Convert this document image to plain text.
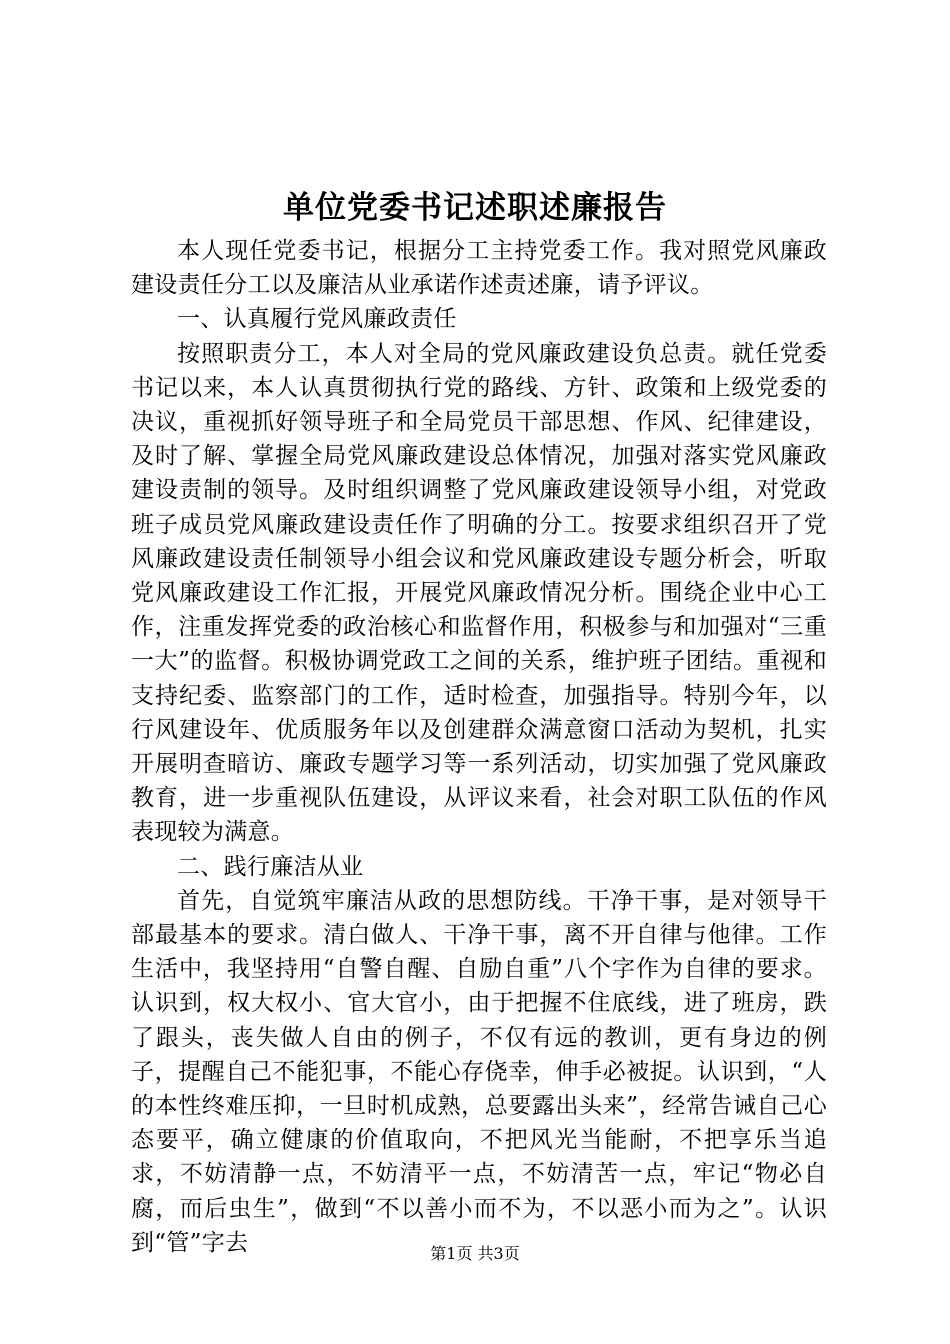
单位党委书记述职述廉报告

本人现任党委书记，根据分工主持党委工作。我对照党风廉政建设责任分工以及廉洁从业承诺作述责述廉，请予评议。

一、认真履行党风廉政责任

按照职责分工，本人对全局的党风廉政建设负总责。就任党委书记以来，本人认真贯彻执行党的路线、方针、政策和上级党委的决议，重视抓好领导班子和全局党员干部思想、作风、纪律建设，及时了解、掌握全局党风廉政建设总体情况，加强对落实党风廉政建设责制的领导。及时组织调整了党风廉政建设领导小组，对党政班子成员党风廉政建设责任作了明确的分工。按要求组织召开了党风廉政建设责任制领导小组会议和党风廉政建设专题分析会，听取党风廉政建设工作汇报，开展党风廉政情况分析。围绕企业中心工作，注重发挥党委的政治核心和监督作用，积极参与和加强对“三重一大”的监督。积极协调党政工之间的关系，维护班子团结。重视和支持纪委、监察部门的工作，适时检查，加强指导。特别今年，以行风建设年、优质服务年以及创建群众满意窗口活动为契机，扎实开展明查暗访、廉政专题学习等一系列活动，切实加强了党风廉政教育，进一步重视队伍建设，从评议来看，社会对职工队伍的作风表现较为满意。

二、践行廉洁从业

首先，自觉筑牢廉洁从政的思想防线。干净干事，是对领导干部最基本的要求。清白做人、干净干事，离不开自律与他律。工作生活中，我坚持用“自警自醒、自励自重”八个字作为自律的要求。认识到，权大权小、官大官小，由于把握不住底线，进了班房，跌了跟头，丧失做人自由的例子，不仅有远的教训，更有身边的例子，提醒自己不能犯事，不能心存侥幸，伸手必被捉。认识到，“人的本性终难压抑，一旦时机成熟，总要露出头来”，经常告诫自己心态要平，确立健康的价值取向，不把风光当能耐，不把享乐当追求，不妨清静一点，不妨清平一点，不妨清苦一点，牢记“物必自腐，而后虫生”，做到“不以善小而不为，不以恶小而为之”。认识到“管”字去	第1页 共3页
